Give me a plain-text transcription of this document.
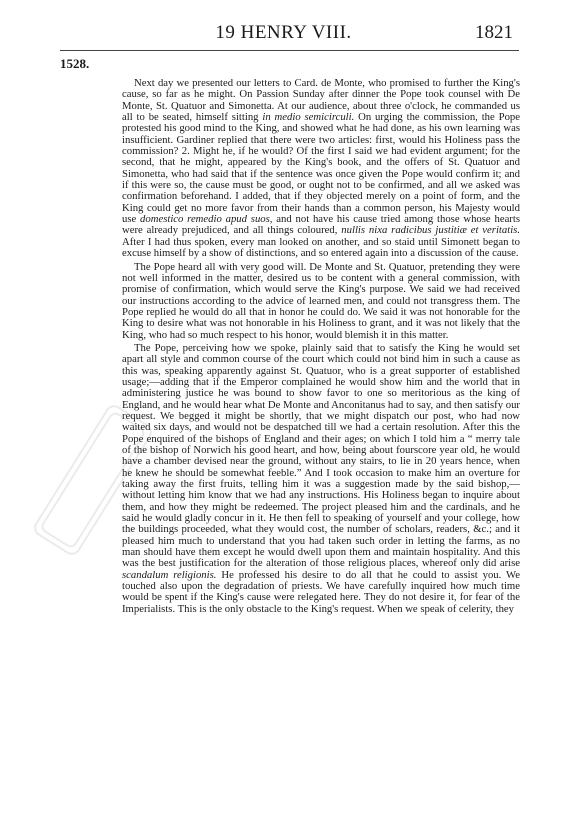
19 HENRY VIII.	1821
1528.

Next day we presented our letters to Card. de Monte, who promised to further the King's cause, so far as he might. On Passion Sunday after dinner the Pope took counsel with De Monte, St. Quatuor and Simonetta. At our audience, about three o'clock, he commanded us all to be seated, himself sitting in medio semicirculi. On urging the commission, the Pope protested his good mind to the King, and showed what he had done, as his own learning was insufficient. Gardiner replied that there were two articles: first, would his Holiness pass the commission? 2. Might he, if he would? Of the first I said we had evident argument; for the second, that he might, appeared by the King's book, and the offers of St. Quatuor and Simonetta, who had said that if the sentence was once given the Pope would confirm it; and if this were so, the cause must be good, or ought not to be confirmed, and all we asked was confirmation beforehand. I added, that if they objected merely on a point of form, and the King could get no more favor from their hands than a common person, his Majesty would use domestico remedio apud suos, and not have his cause tried among those whose hearts were already prejudiced, and all things coloured, nullis nixa radicibus justitiæ et veritatis. After I had thus spoken, every man looked on another, and so staid until Simonett began to excuse himself by a show of distinctions, and so entered again into a discussion of the cause.

The Pope heard all with very good will. De Monte and St. Quatuor, pretending they were not well informed in the matter, desired us to be content with a general commission, with promise of confirmation, which would serve the King's purpose. We said we had received our instructions according to the advice of learned men, and could not transgress them. The Pope replied he would do all that in honor he could do. We said it was not honorable for the King to desire what was not honorable in his Holiness to grant, and it was not likely that the King, who had so much respect to his honor, would blemish it in this matter.

The Pope, perceiving how we spoke, plainly said that to satisfy the King he would set apart all style and common course of the court which could not bind him in such a cause as this was, speaking apparently against St. Quatuor, who is a great supporter of established usage;—adding that if the Emperor complained he would show him and the world that in administering justice he was bound to show favor to one so meritorious as the king of England, and he would hear what De Monte and Anconitanus had to say, and then satisfy our request. We begged it might be shortly, that we might dispatch our post, who had now waited six days, and would not be despatched till we had a certain resolution. After this the Pope enquired of the bishops of England and their ages; on which I told him a “ merry tale of the bishop of Norwich his good heart, and how, being about fourscore year old, he would have a chamber devised near the ground, without any stairs, to lie in 20 years hence, when he knew he should be somewhat feeble.” And I took occasion to make him an overture for taking away the first fruits, telling him it was a suggestion made by the said bishop,—without letting him know that we had any instructions. His Holiness began to inquire about them, and how they might be redeemed. The project pleased him and the cardinals, and he said he would gladly concur in it. He then fell to speaking of yourself and your college, how the buildings proceeded, what they would cost, the number of scholars, readers, &c.; and it pleased him much to understand that you had taken such order in letting the farms, as no man should have them except he would dwell upon them and maintain hospitality. And this was the best justification for the alteration of those religious places, whereof only did arise scandalum religionis. He professed his desire to do all that he could to assist you. We touched also upon the degradation of priests. We have carefully inquired how much time would be spent if the King's cause were relegated here. They do not desire it, for fear of the Imperialists. This is the only obstacle to the King's request. When we speak of celerity, they
